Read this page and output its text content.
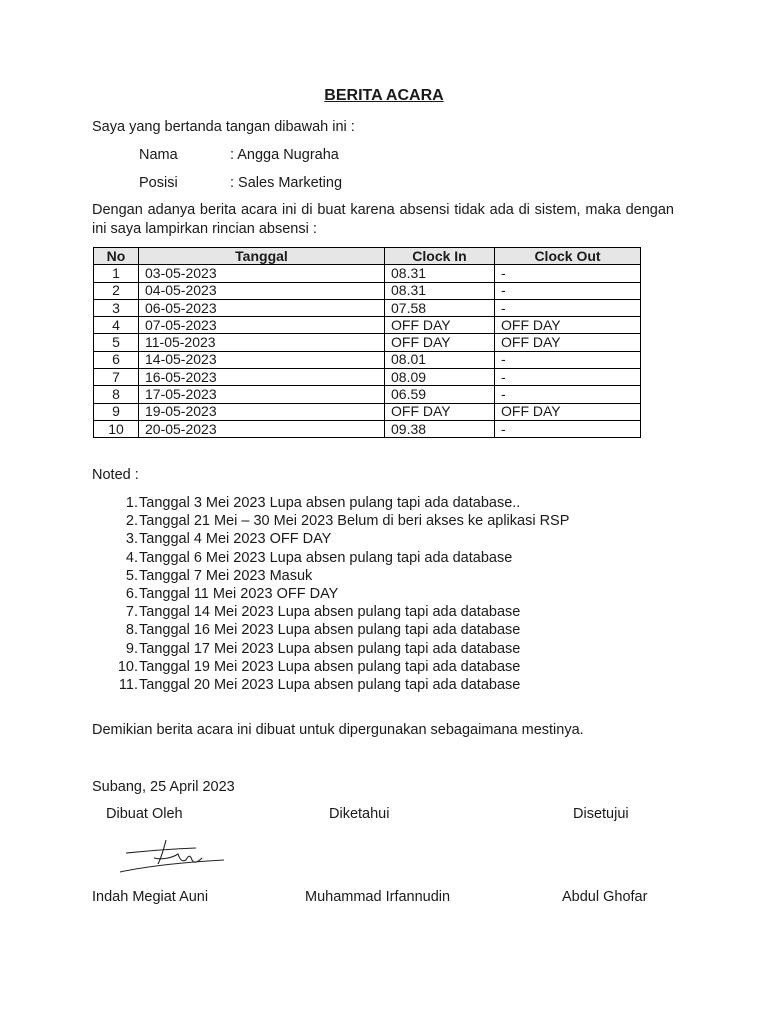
BERITA ACARA
Saya yang bertanda tangan dibawah ini :
Nama	: Angga Nugraha
Posisi	: Sales Marketing
Dengan adanya berita acara ini di buat karena absensi tidak ada di sistem, maka dengan ini saya lampirkan rincian absensi :
No	Tanggal	Clock In	Clock Out
1	03-05-2023	08.31	-
2	04-05-2023	08.31	-
3	06-05-2023	07.58	-
4	07-05-2023	OFF DAY	OFF DAY
5	11-05-2023	OFF DAY	OFF DAY
6	14-05-2023	08.01	-
7	16-05-2023	08.09	-
8	17-05-2023	06.59	-
9	19-05-2023	OFF DAY	OFF DAY
10	20-05-2023	09.38	-
Noted :
1.Tanggal 3 Mei 2023 Lupa absen pulang tapi ada database..
2.Tanggal 21 Mei – 30 Mei 2023 Belum di beri akses ke aplikasi RSP
3.Tanggal 4 Mei 2023 OFF DAY
4.Tanggal 6 Mei 2023 Lupa absen pulang tapi ada database
5.Tanggal 7 Mei 2023 Masuk
6.Tanggal 11 Mei 2023 OFF DAY
7.Tanggal 14 Mei 2023 Lupa absen pulang tapi ada database
8.Tanggal 16 Mei 2023 Lupa absen pulang tapi ada database
9.Tanggal 17 Mei 2023 Lupa absen pulang tapi ada database
10.Tanggal 19 Mei 2023 Lupa absen pulang tapi ada database
11.Tanggal 20 Mei 2023 Lupa absen pulang tapi ada database
Demikian berita acara ini dibuat untuk dipergunakan sebagaimana mestinya.
Subang, 25 April 2023
Dibuat Oleh	Diketahui	Disetujui
Indah Megiat Auni	Muhammad Irfannudin	Abdul Ghofar
